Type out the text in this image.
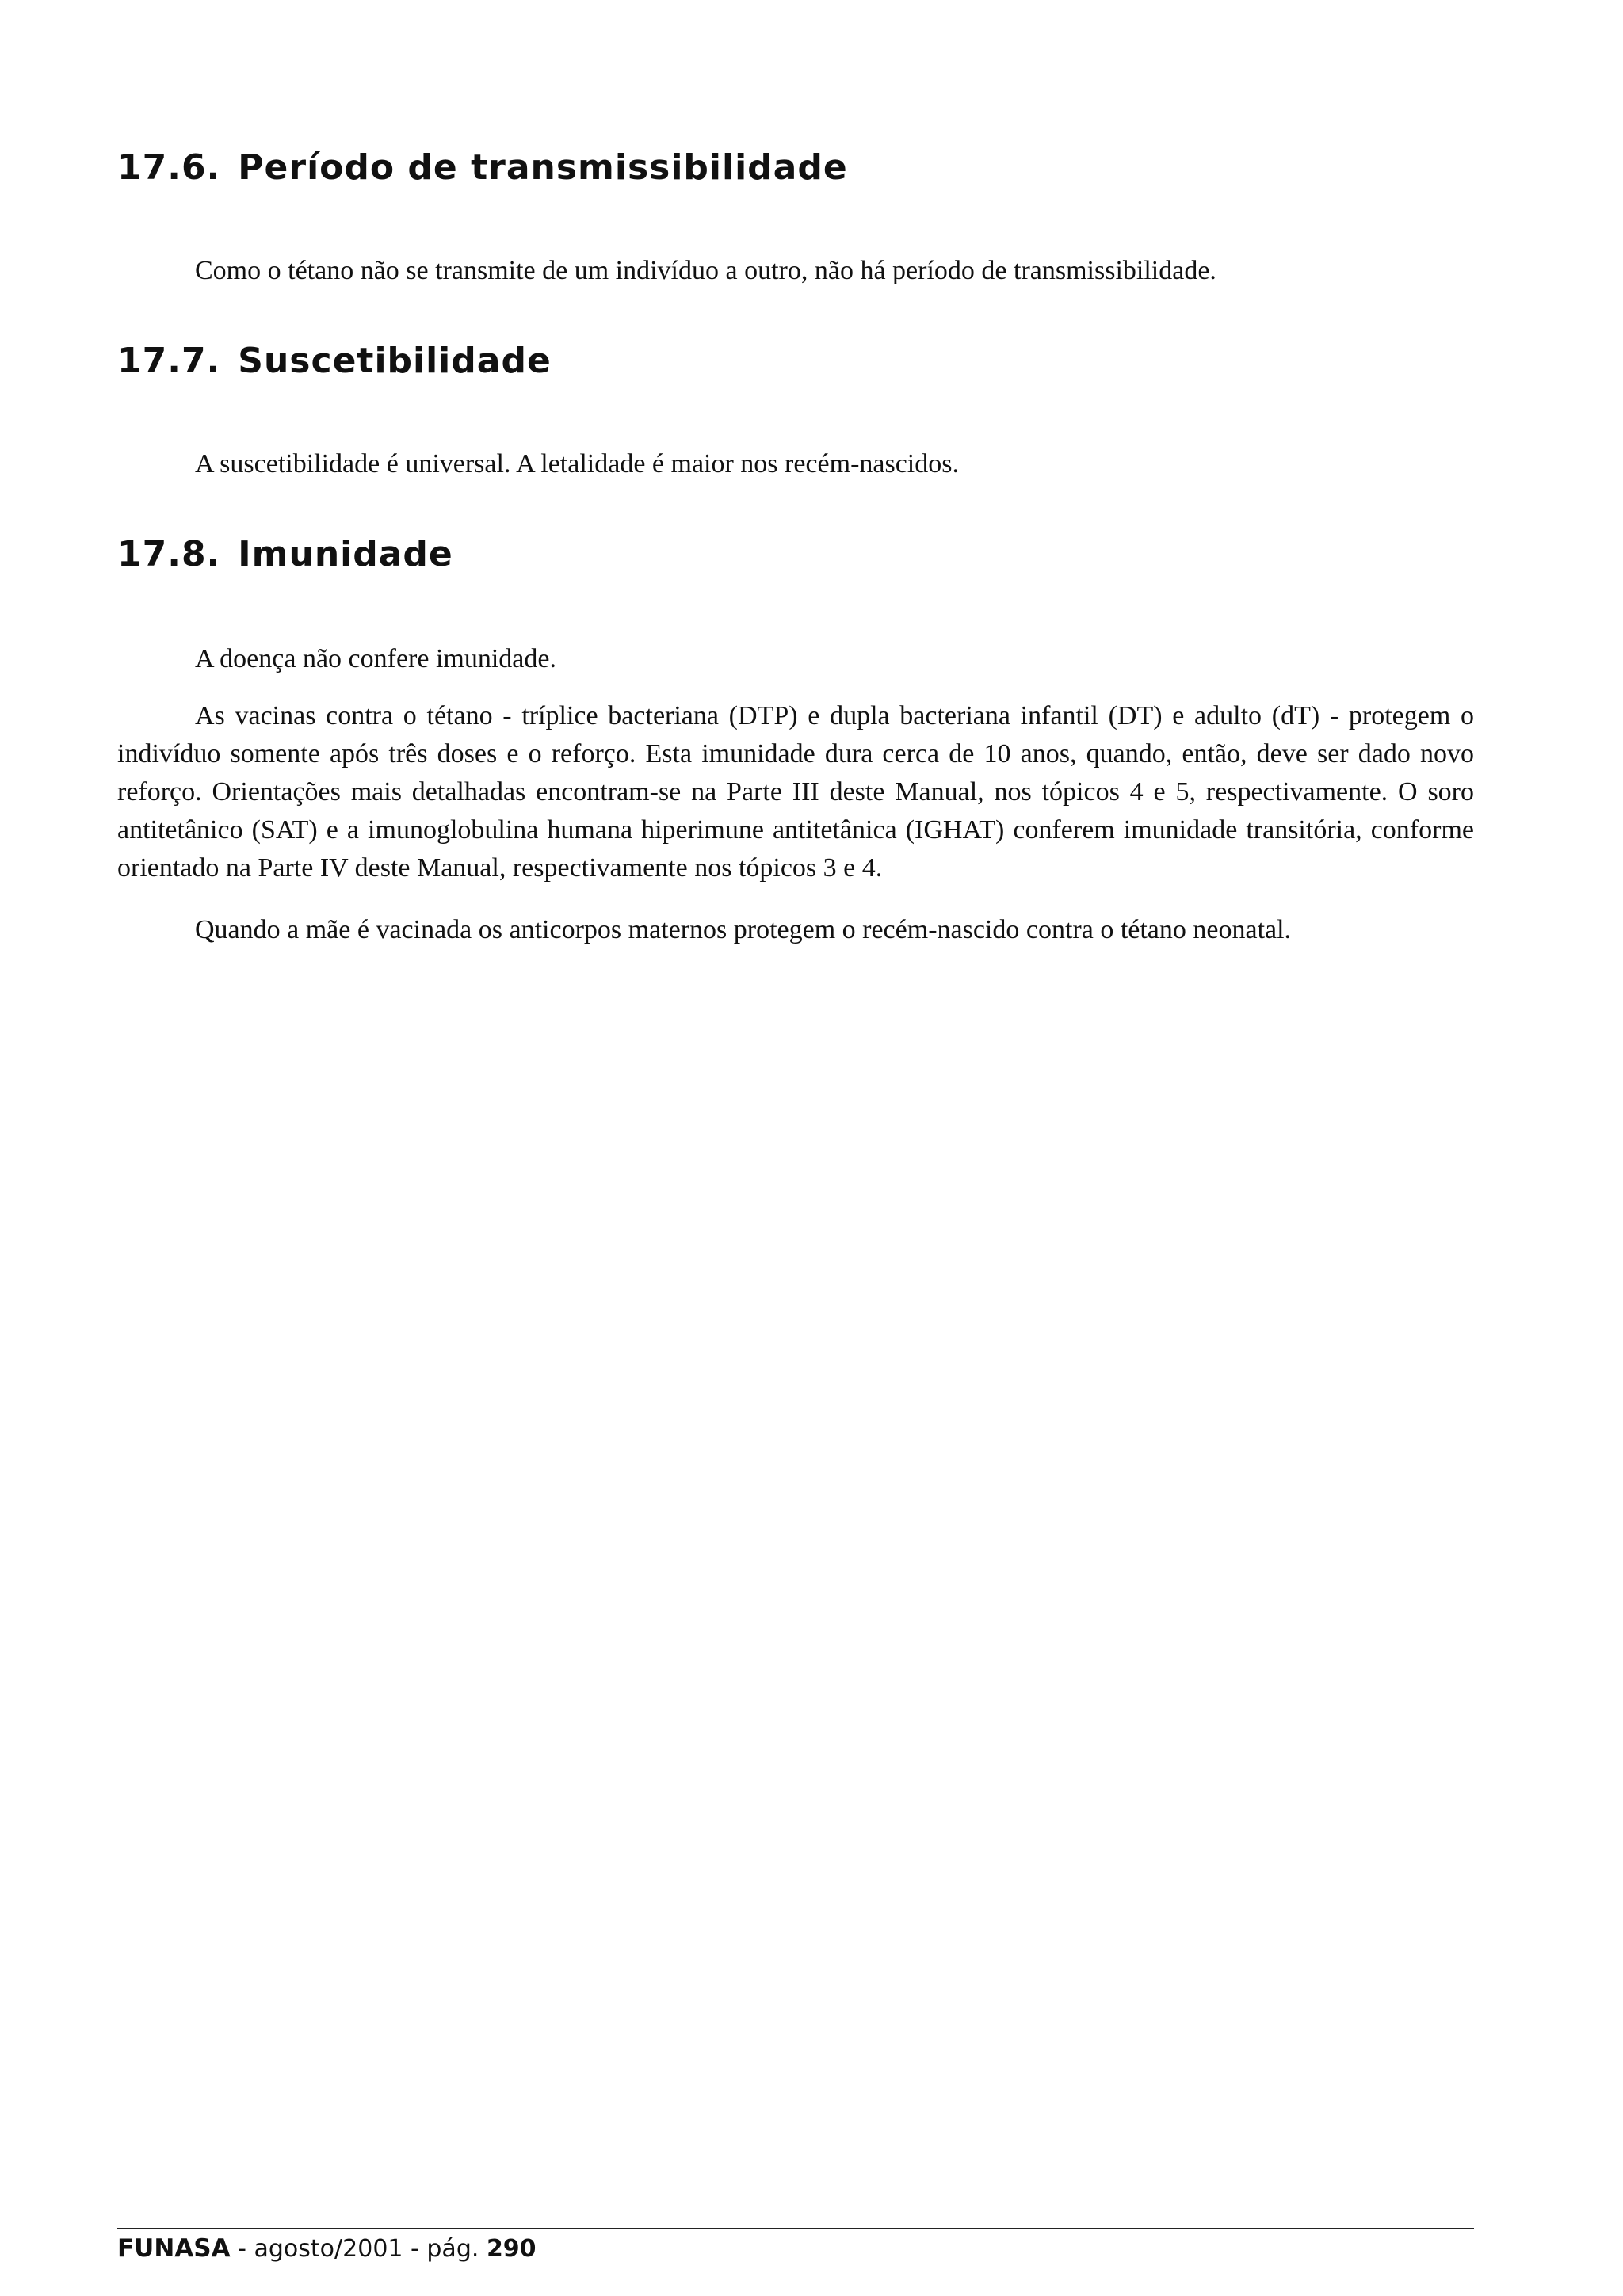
17.6. Período de transmissibilidade

Como o tétano não se transmite de um indivíduo a outro, não há período de transmissibilidade.

17.7. Suscetibilidade

A suscetibilidade é universal. A letalidade é maior nos recém-nascidos.

17.8. Imunidade

A doença não confere imunidade.

As vacinas contra o tétano - tríplice bacteriana (DTP) e dupla bacteriana infantil (DT) e adulto (dT) - protegem o indivíduo somente após três doses e o reforço. Esta imunidade dura cerca de 10 anos, quando, então, deve ser dado novo reforço. Orientações mais detalhadas encontram-se na Parte III deste Manual, nos tópicos 4 e 5, respectivamente. O soro antitetânico (SAT) e a imunoglobulina humana hiperimune antitetânica (IGHAT) conferem imunidade transitória, conforme orientado na Parte IV deste Manual, respectivamente nos tópicos 3 e 4.

Quando a mãe é vacinada os anticorpos maternos protegem o recém-nascido contra o tétano neonatal.

FUNASA - agosto/2001 - pág. 290
